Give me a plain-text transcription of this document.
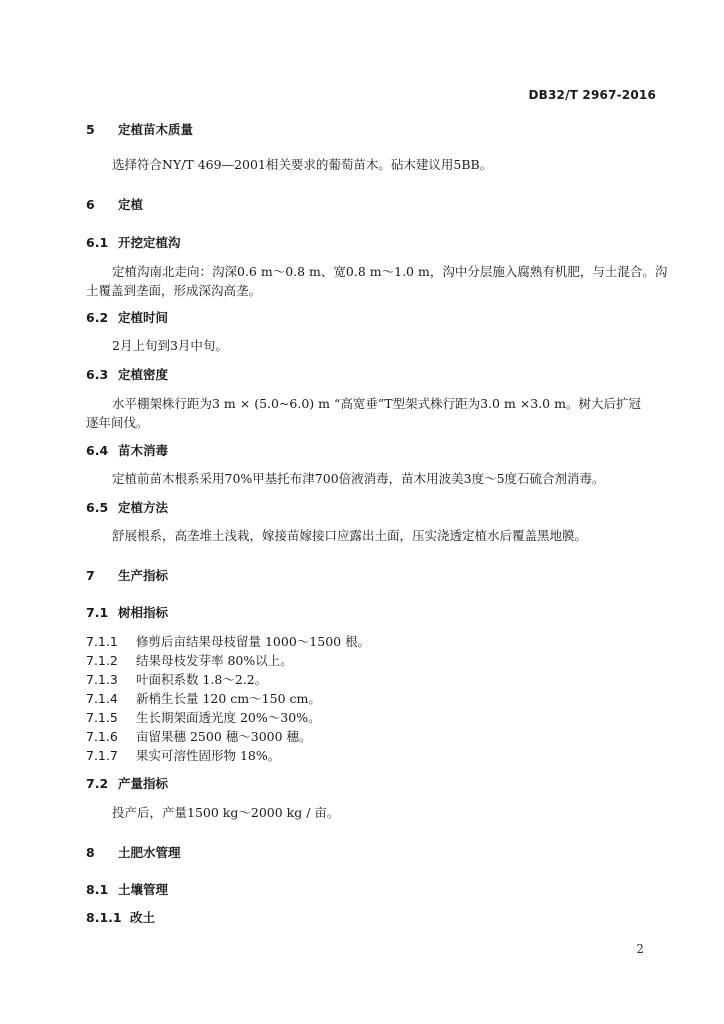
DB32/T 2967-2016
5 定植苗木质量
选择符合NY/T 469—2001相关要求的葡萄苗木。砧木建议用5BB。
6 定植
6.1 开挖定植沟
定植沟南北走向：沟深0.6 m～0.8 m、宽0.8 m～1.0 m，沟中分层施入腐熟有机肥，与土混合。沟
土覆盖到垄面，形成深沟高垄。
6.2 定植时间
2月上旬到3月中旬。
6.3 定植密度
水平棚架株行距为3 m × (5.0~6.0) m “高宽垂”T型架式株行距为3.0 m ×3.0 m。树大后扩冠
逐年间伐。
6.4 苗木消毒
定植前苗木根系采用70%甲基托布津700倍液消毒，苗木用波美3度～5度石硫合剂消毒。
6.5 定植方法
舒展根系，高垄堆土浅栽，嫁接苗嫁接口应露出土面，压实浇透定植水后覆盖黑地膜。
7 生产指标
7.1 树相指标
7.1.1 修剪后亩结果母枝留量 1000～1500 根。
7.1.2 结果母枝发芽率 80%以上。
7.1.3 叶面积系数 1.8～2.2。
7.1.4 新梢生长量 120 cm～150 cm。
7.1.5 生长期架面透光度 20%～30%。
7.1.6 亩留果穗 2500 穗～3000 穗。
7.1.7 果实可溶性固形物 18%。
7.2 产量指标
投产后，产量1500 kg～2000 kg / 亩。
8 土肥水管理
8.1 土壤管理
8.1.1 改土
2
